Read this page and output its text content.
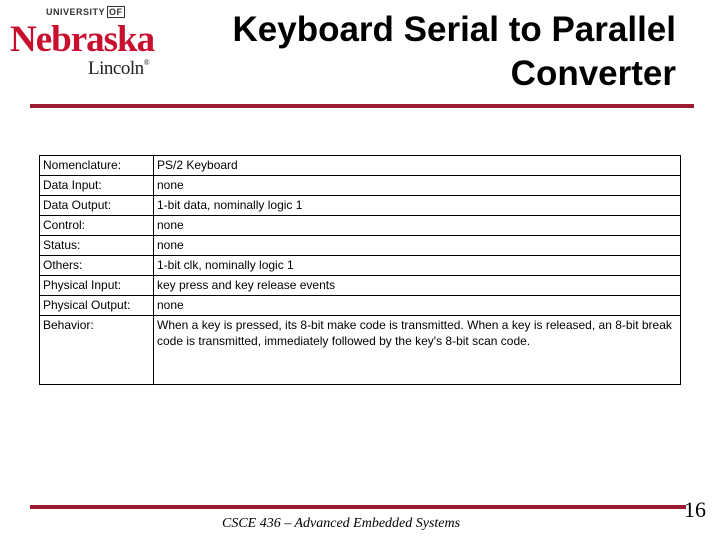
UNIVERSITY OF
Nebraska
Lincoln®
Keyboard Serial to Parallel
Converter
Nomenclature:	PS/2 Keyboard
Data Input:	none
Data Output:	1-bit data, nominally logic 1
Control:	none
Status:	none
Others:	1-bit clk, nominally logic 1
Physical Input:	key press and key release events
Physical Output:	none
Behavior:	When a key is pressed, its 8-bit make code is transmitted. When a key is released, an 8-bit break code is transmitted, immediately followed by the key's 8-bit scan code.
CSCE 436 – Advanced Embedded Systems
16
